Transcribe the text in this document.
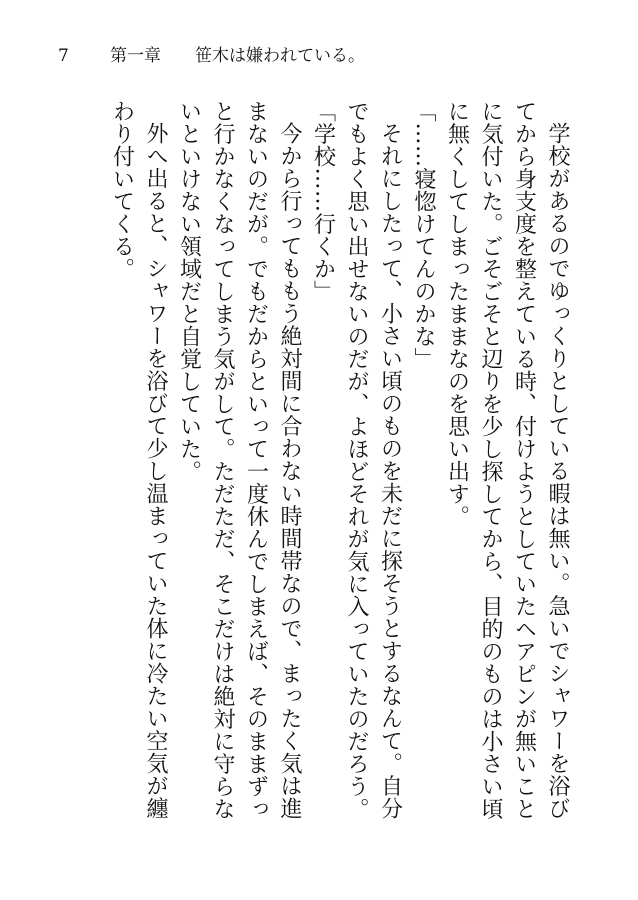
7	第一章 笹木は嫌われている。

学校があるのでゆっくりとしている暇は無い。急いでシャワーを浴びてから身支度を整えている時、付けようとしていたヘアピンが無いことに気付いた。ごそごそと辺りを少し探してから、目的のものは小さい頃に無くしてしまったままなのを思い出す。

「……寝惚けてんのかな」

それにしたって、小さい頃のものを未だに探そうとするなんて。自分でもよく思い出せないのだが、よほどそれが気に入っていたのだろう。

「学校……行くか」

今から行ってももう絶対間に合わない時間帯なので、まったく気は進まないのだが。でもだからといって一度休んでしまえば、そのままずっと行かなくなってしまう気がして。ただただ、そこだけは絶対に守らないといけない領域だと自覚していた。

外へ出ると、シャワーを浴びて少し温まっていた体に冷たい空気が纏わり付いてくる。
